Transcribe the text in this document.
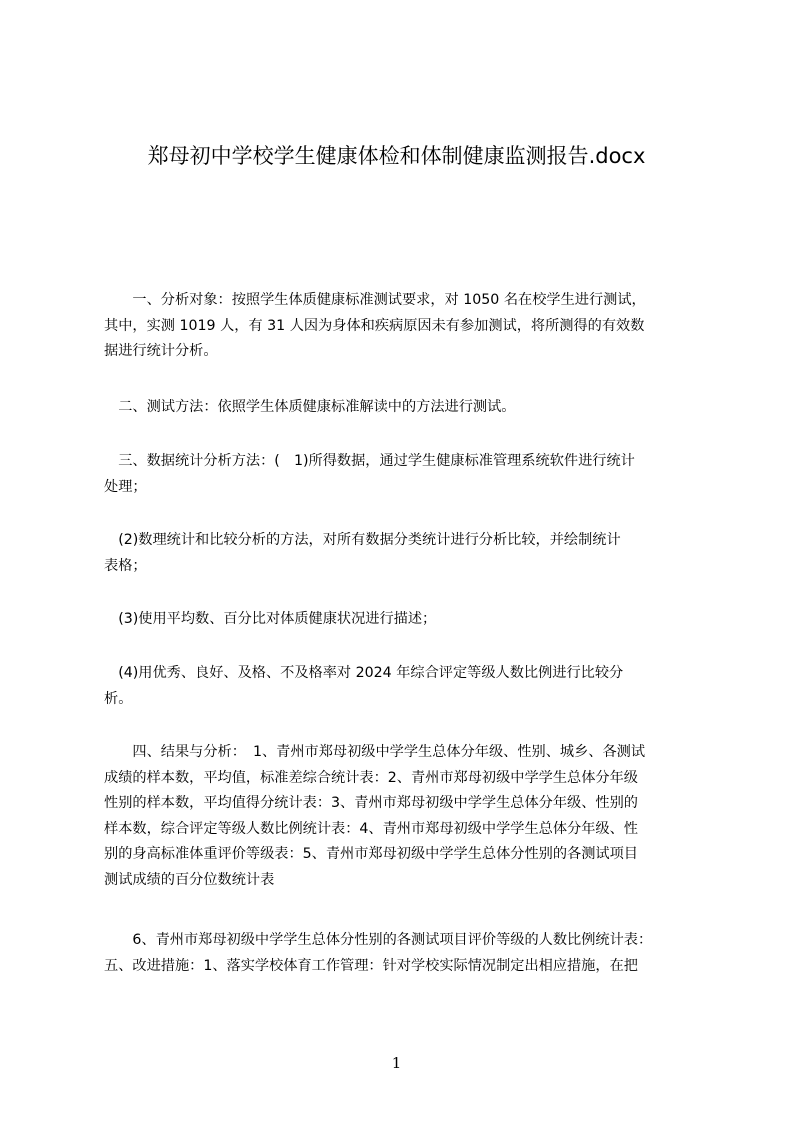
郑母初中学校学生健康体检和体制健康监测报告.docx
　　一、分析对象：按照学生体质健康标准测试要求，对 1050 名在校学生进行测试，
其中，实测 1019 人，有 31 人因为身体和疾病原因未有参加测试，将所测得的有效数
据进行统计分析。
　二、测试方法：依照学生体质健康标准解读中的方法进行测试。
　三、数据统计分析方法：(　1)所得数据，通过学生健康标准管理系统软件进行统计
处理；
　(2)数理统计和比较分析的方法，对所有数据分类统计进行分析比较，并绘制统计
表格；
　(3)使用平均数、百分比对体质健康状况进行描述；
　(4)用优秀、良好、及格、不及格率对 2024 年综合评定等级人数比例进行比较分
析。
　　四、结果与分析：　1、青州市郑母初级中学学生总体分年级、性别、城乡、各测试
成绩的样本数，平均值，标准差综合统计表：2、青州市郑母初级中学学生总体分年级
性别的样本数，平均值得分统计表：3、青州市郑母初级中学学生总体分年级、性别的
样本数，综合评定等级人数比例统计表：4、青州市郑母初级中学学生总体分年级、性
别的身高标准体重评价等级表：5、青州市郑母初级中学学生总体分性别的各测试项目
测试成绩的百分位数统计表
　　6、青州市郑母初级中学学生总体分性别的各测试项目评价等级的人数比例统计表：
五、改进措施：1、落实学校体育工作管理：针对学校实际情况制定出相应措施，在把
1
